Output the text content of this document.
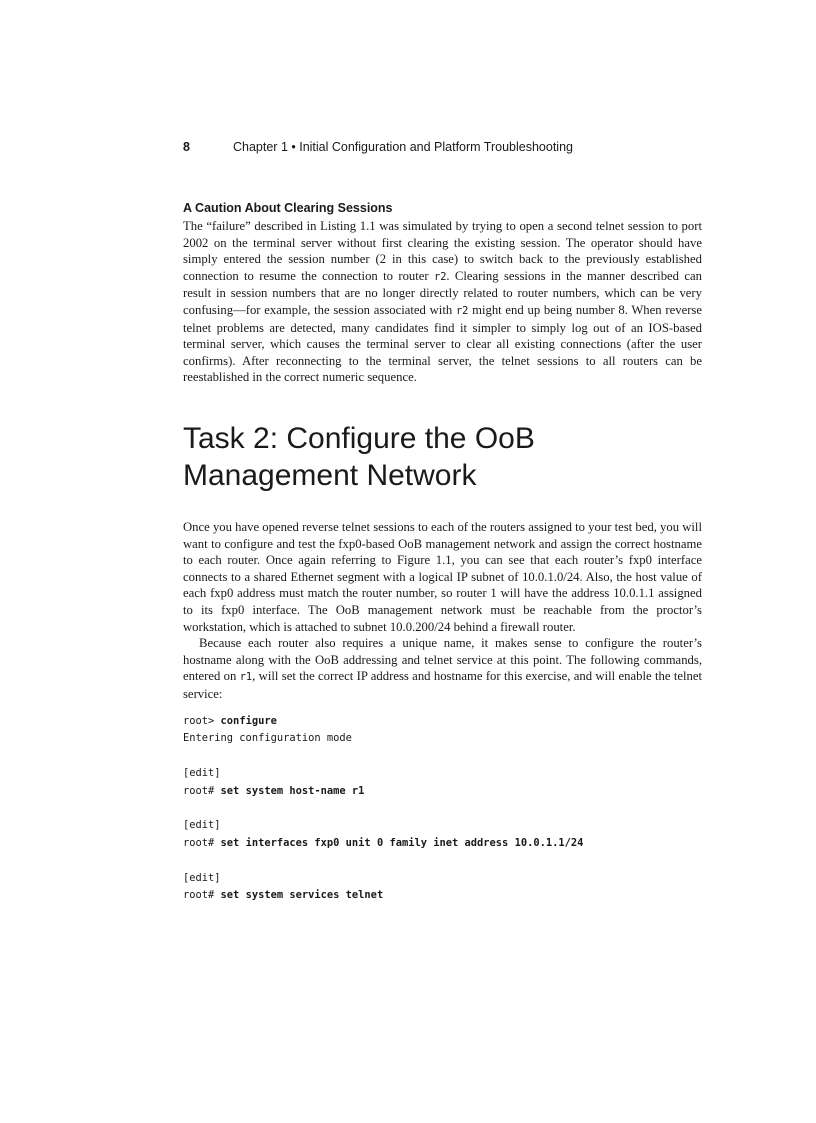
8	Chapter 1 • Initial Configuration and Platform Troubleshooting
A Caution About Clearing Sessions

The “failure” described in Listing 1.1 was simulated by trying to open a second telnet session to port 2002 on the terminal server without first clearing the existing session. The operator should have simply entered the session number (2 in this case) to switch back to the previously established connection to resume the connection to router r2. Clearing sessions in the manner described can result in session numbers that are no longer directly related to router numbers, which can be very confusing—for example, the session associated with r2 might end up being number 8. When reverse telnet problems are detected, many candidates find it simpler to simply log out of an IOS-based terminal server, which causes the terminal server to clear all existing connections (after the user confirms). After reconnecting to the terminal server, the telnet sessions to all routers can be reestablished in the correct numeric sequence.

Task 2: Configure the OoB Management Network

Once you have opened reverse telnet sessions to each of the routers assigned to your test bed, you will want to configure and test the fxp0-based OoB management network and assign the correct hostname to each router. Once again referring to Figure 1.1, you can see that each router’s fxp0 interface connects to a shared Ethernet segment with a logical IP subnet of 10.0.1.0/24. Also, the host value of each fxp0 address must match the router number, so router 1 will have the address 10.0.1.1 assigned to its fxp0 interface. The OoB management network must be reachable from the proctor’s workstation, which is attached to subnet 10.0.200/24 behind a firewall router.

Because each router also requires a unique name, it makes sense to configure the router’s hostname along with the OoB addressing and telnet service at this point. The following commands, entered on r1, will set the correct IP address and hostname for this exercise, and will enable the telnet service:

root> configure
Entering configuration mode
[edit]
root# set system host-name r1
[edit]
root# set interfaces fxp0 unit 0 family inet address 10.0.1.1/24
[edit]
root# set system services telnet
